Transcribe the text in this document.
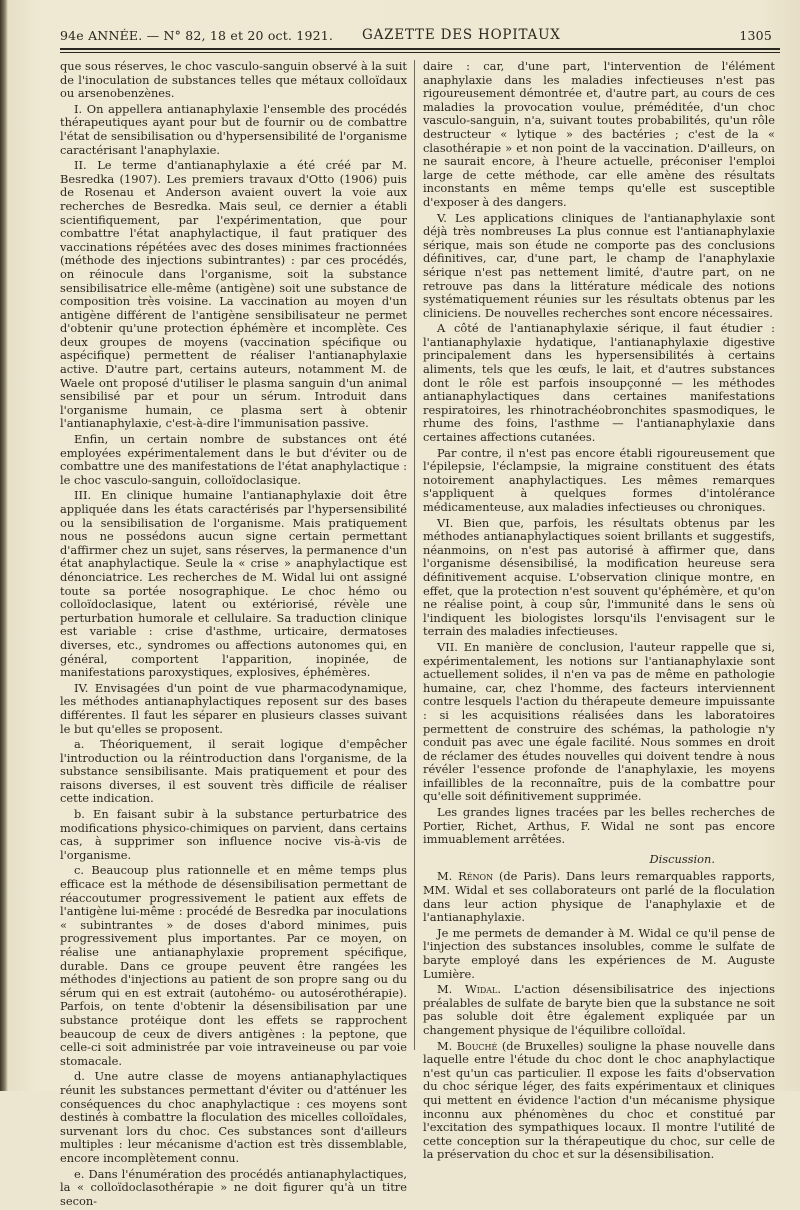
94e ANNÉE. — N° 82, 18 et 20 oct. 1921. GAZETTE DES HOPITAUX	1305

que sous réserves, le choc vasculo-sanguin observé à la suit de l'inoculation de substances telles que métaux colloïdaux ou arsenobenzènes.

I. On appellera antianaphylaxie l'ensemble des procédés thérapeutiques ayant pour but de fournir ou de combattre l'état de sensibilisation ou d'hypersensibilité de l'organisme caractérisant l'anaphylaxie.

II. Le terme d'antianaphylaxie a été créé par M. Besredka (1907). Les premiers travaux d'Otto (1906) puis de Rosenau et Anderson avaient ouvert la voie aux recherches de Besredka. Mais seul, ce dernier a établi scientifiquement, par l'expérimentation, que pour combattre l'état anaphylactique, il faut pratiquer des vaccinations répétées avec des doses minimes fractionnées (méthode des injections subintrantes) : par ces procédés, on réinocule dans l'organisme, soit la substance sensibilisatrice elle-même (antigène) soit une substance de composition très voisine. La vaccination au moyen d'un antigène différent de l'antigène sensibilisateur ne permet d'obtenir qu'une protection éphémère et incomplète. Ces deux groupes de moyens (vaccination spécifique ou aspécifique) permettent de réaliser l'antianaphylaxie active. D'autre part, certains auteurs, notamment M. de Waele ont proposé d'utiliser le plasma sanguin d'un animal sensibilisé par et pour un sérum. Introduit dans l'organisme humain, ce plasma sert à obtenir l'antianaphylaxie, c'est-à-dire l'immunisation passive.

Enfin, un certain nombre de substances ont été employées expérimentalement dans le but d'éviter ou de combattre une des manifestations de l'état anaphylactique : le choc vasculo-sanguin, colloïdoclasique.

III. En clinique humaine l'antianaphylaxie doit être appliquée dans les états caractérisés par l'hypersensibilité ou la sensibilisation de l'organisme. Mais pratiquement nous ne possédons aucun signe certain permettant d'affirmer chez un sujet, sans réserves, la permanence d'un état anaphylactique. Seule la « crise » anaphylactique est dénonciatrice. Les recherches de M. Widal lui ont assigné toute sa portée nosographique. Le choc hémo ou colloïdoclasique, latent ou extériorisé, révèle une perturbation humorale et cellulaire. Sa traduction clinique est variable : crise d'asthme, urticaire, dermatoses diverses, etc., syndromes ou affections autonomes qui, en général, comportent l'apparition, inopinée, de manifestations paroxystiques, explosives, éphémères.

IV. Envisagées d'un point de vue pharmacodynamique, les méthodes antianaphylactiques reposent sur des bases différentes. Il faut les séparer en plusieurs classes suivant le but qu'elles se proposent.

a. Théoriquement, il serait logique d'empêcher l'introduction ou la réintroduction dans l'organisme, de la substance sensibilisante. Mais pratiquement et pour des raisons diverses, il est souvent très difficile de réaliser cette indication.

b. En faisant subir à la substance perturbatrice des modifications physico-chimiques on parvient, dans certains cas, à supprimer son influence nocive vis-à-vis de l'organisme.

c. Beaucoup plus rationnelle et en même temps plus efficace est la méthode de désensibilisation permettant de réaccoutumer progressivement le patient aux effets de l'antigène lui-même : procédé de Besredka par inoculations « subintrantes » de doses d'abord minimes, puis progressivement plus importantes. Par ce moyen, on réalise une antianaphylaxie proprement spécifique, durable. Dans ce groupe peuvent être rangées les méthodes d'injections au patient de son propre sang ou du sérum qui en est extrait (autohémo- ou autosérothérapie). Parfois, on tente d'obtenir la désensibilisation par une substance protéique dont les effets se rapprochent beaucoup de ceux de divers antigènes : la peptone, que celle-ci soit administrée par voie intraveineuse ou par voie stomacale.

d. Une autre classe de moyens antianaphylactiques réunit les substances permettant d'éviter ou d'atténuer les conséquences du choc anaphylactique : ces moyens sont destinés à combattre la floculation des micelles colloïdales, survenant lors du choc. Ces substances sont d'ailleurs multiples : leur mécanisme d'action est très dissemblable, encore incomplètement connu.

e. Dans l'énumération des procédés antianaphylactiques, la « colloïdoclasothérapie » ne doit figurer qu'à un titre secon-

daire : car, d'une part, l'intervention de l'élément anaphylaxie dans les maladies infectieuses n'est pas rigoureusement démontrée et, d'autre part, au cours de ces maladies la provocation voulue, préméditée, d'un choc vasculo-sanguin, n'a, suivant toutes probabilités, qu'un rôle destructeur « lytique » des bactéries ; c'est de la « clasothérapie » et non point de la vaccination. D'ailleurs, on ne saurait encore, à l'heure actuelle, préconiser l'emploi large de cette méthode, car elle amène des résultats inconstants en même temps qu'elle est susceptible d'exposer à des dangers.

V. Les applications cliniques de l'antianaphylaxie sont déjà très nombreuses La plus connue est l'antianaphylaxie sérique, mais son étude ne comporte pas des conclusions définitives, car, d'une part, le champ de l'anaphylaxie sérique n'est pas nettement limité, d'autre part, on ne retrouve pas dans la littérature médicale des notions systématiquement réunies sur les résultats obtenus par les cliniciens. De nouvelles recherches sont encore nécessaires.

A côté de l'antianaphylaxie sérique, il faut étudier : l'antianaphylaxie hydatique, l'antianaphylaxie digestive principalement dans les hypersensibilités à certains aliments, tels que les œufs, le lait, et d'autres substances dont le rôle est parfois insoupçonné — les méthodes antianaphylactiques dans certaines manifestations respiratoires, les rhinotrachéobronchites spasmodiques, le rhume des foins, l'asthme — l'antianaphylaxie dans certaines affections cutanées.

Par contre, il n'est pas encore établi rigoureusement que l'épilepsie, l'éclampsie, la migraine constituent des états notoirement anaphylactiques. Les mêmes remarques s'appliquent à quelques formes d'intolérance médicamenteuse, aux maladies infectieuses ou chroniques.

VI. Bien que, parfois, les résultats obtenus par les méthodes antianaphylactiques soient brillants et suggestifs, néanmoins, on n'est pas autorisé à affirmer que, dans l'organisme désensibilisé, la modification heureuse sera définitivement acquise. L'observation clinique montre, en effet, que la protection n'est souvent qu'éphémère, et qu'on ne réalise point, à coup sûr, l'immunité dans le sens où l'indiquent les biologistes lorsqu'ils l'envisagent sur le terrain des maladies infectieuses.

VII. En manière de conclusion, l'auteur rappelle que si, expérimentalement, les notions sur l'antianaphylaxie sont actuellement solides, il n'en va pas de même en pathologie humaine, car, chez l'homme, des facteurs interviennent contre lesquels l'action du thérapeute demeure impuissante : si les acquisitions réalisées dans les laboratoires permettent de construire des schémas, la pathologie n'y conduit pas avec une égale facilité. Nous sommes en droit de réclamer des études nouvelles qui doivent tendre à nous révéler l'essence profonde de l'anaphylaxie, les moyens infaillibles de la reconnaître, puis de la combattre pour qu'elle soit définitivement supprimée.

Les grandes lignes tracées par les belles recherches de Portier, Richet, Arthus, F. Widal ne sont pas encore immuablement arrêtées.

Discussion.

M. Rénon (de Paris). Dans leurs remarquables rapports, MM. Widal et ses collaborateurs ont parlé de la floculation dans leur action physique de l'anaphylaxie et de l'antianaphylaxie.

Je me permets de demander à M. Widal ce qu'il pense de l'injection des substances insolubles, comme le sulfate de baryte employé dans les expériences de M. Auguste Lumière.

M. Widal. L'action désensibilisatrice des injections préalables de sulfate de baryte bien que la substance ne soit pas soluble doit être également expliquée par un changement physique de l'équilibre colloïdal.

M. Bouché (de Bruxelles) souligne la phase nouvelle dans laquelle entre l'étude du choc dont le choc anaphylactique n'est qu'un cas particulier. Il expose les faits d'observation du choc sérique léger, des faits expérimentaux et cliniques qui mettent en évidence l'action d'un mécanisme physique inconnu aux phénomènes du choc et constitué par l'excitation des sympathiques locaux. Il montre l'utilité de cette conception sur la thérapeutique du choc, sur celle de la préservation du choc et sur la désensibilisation.
